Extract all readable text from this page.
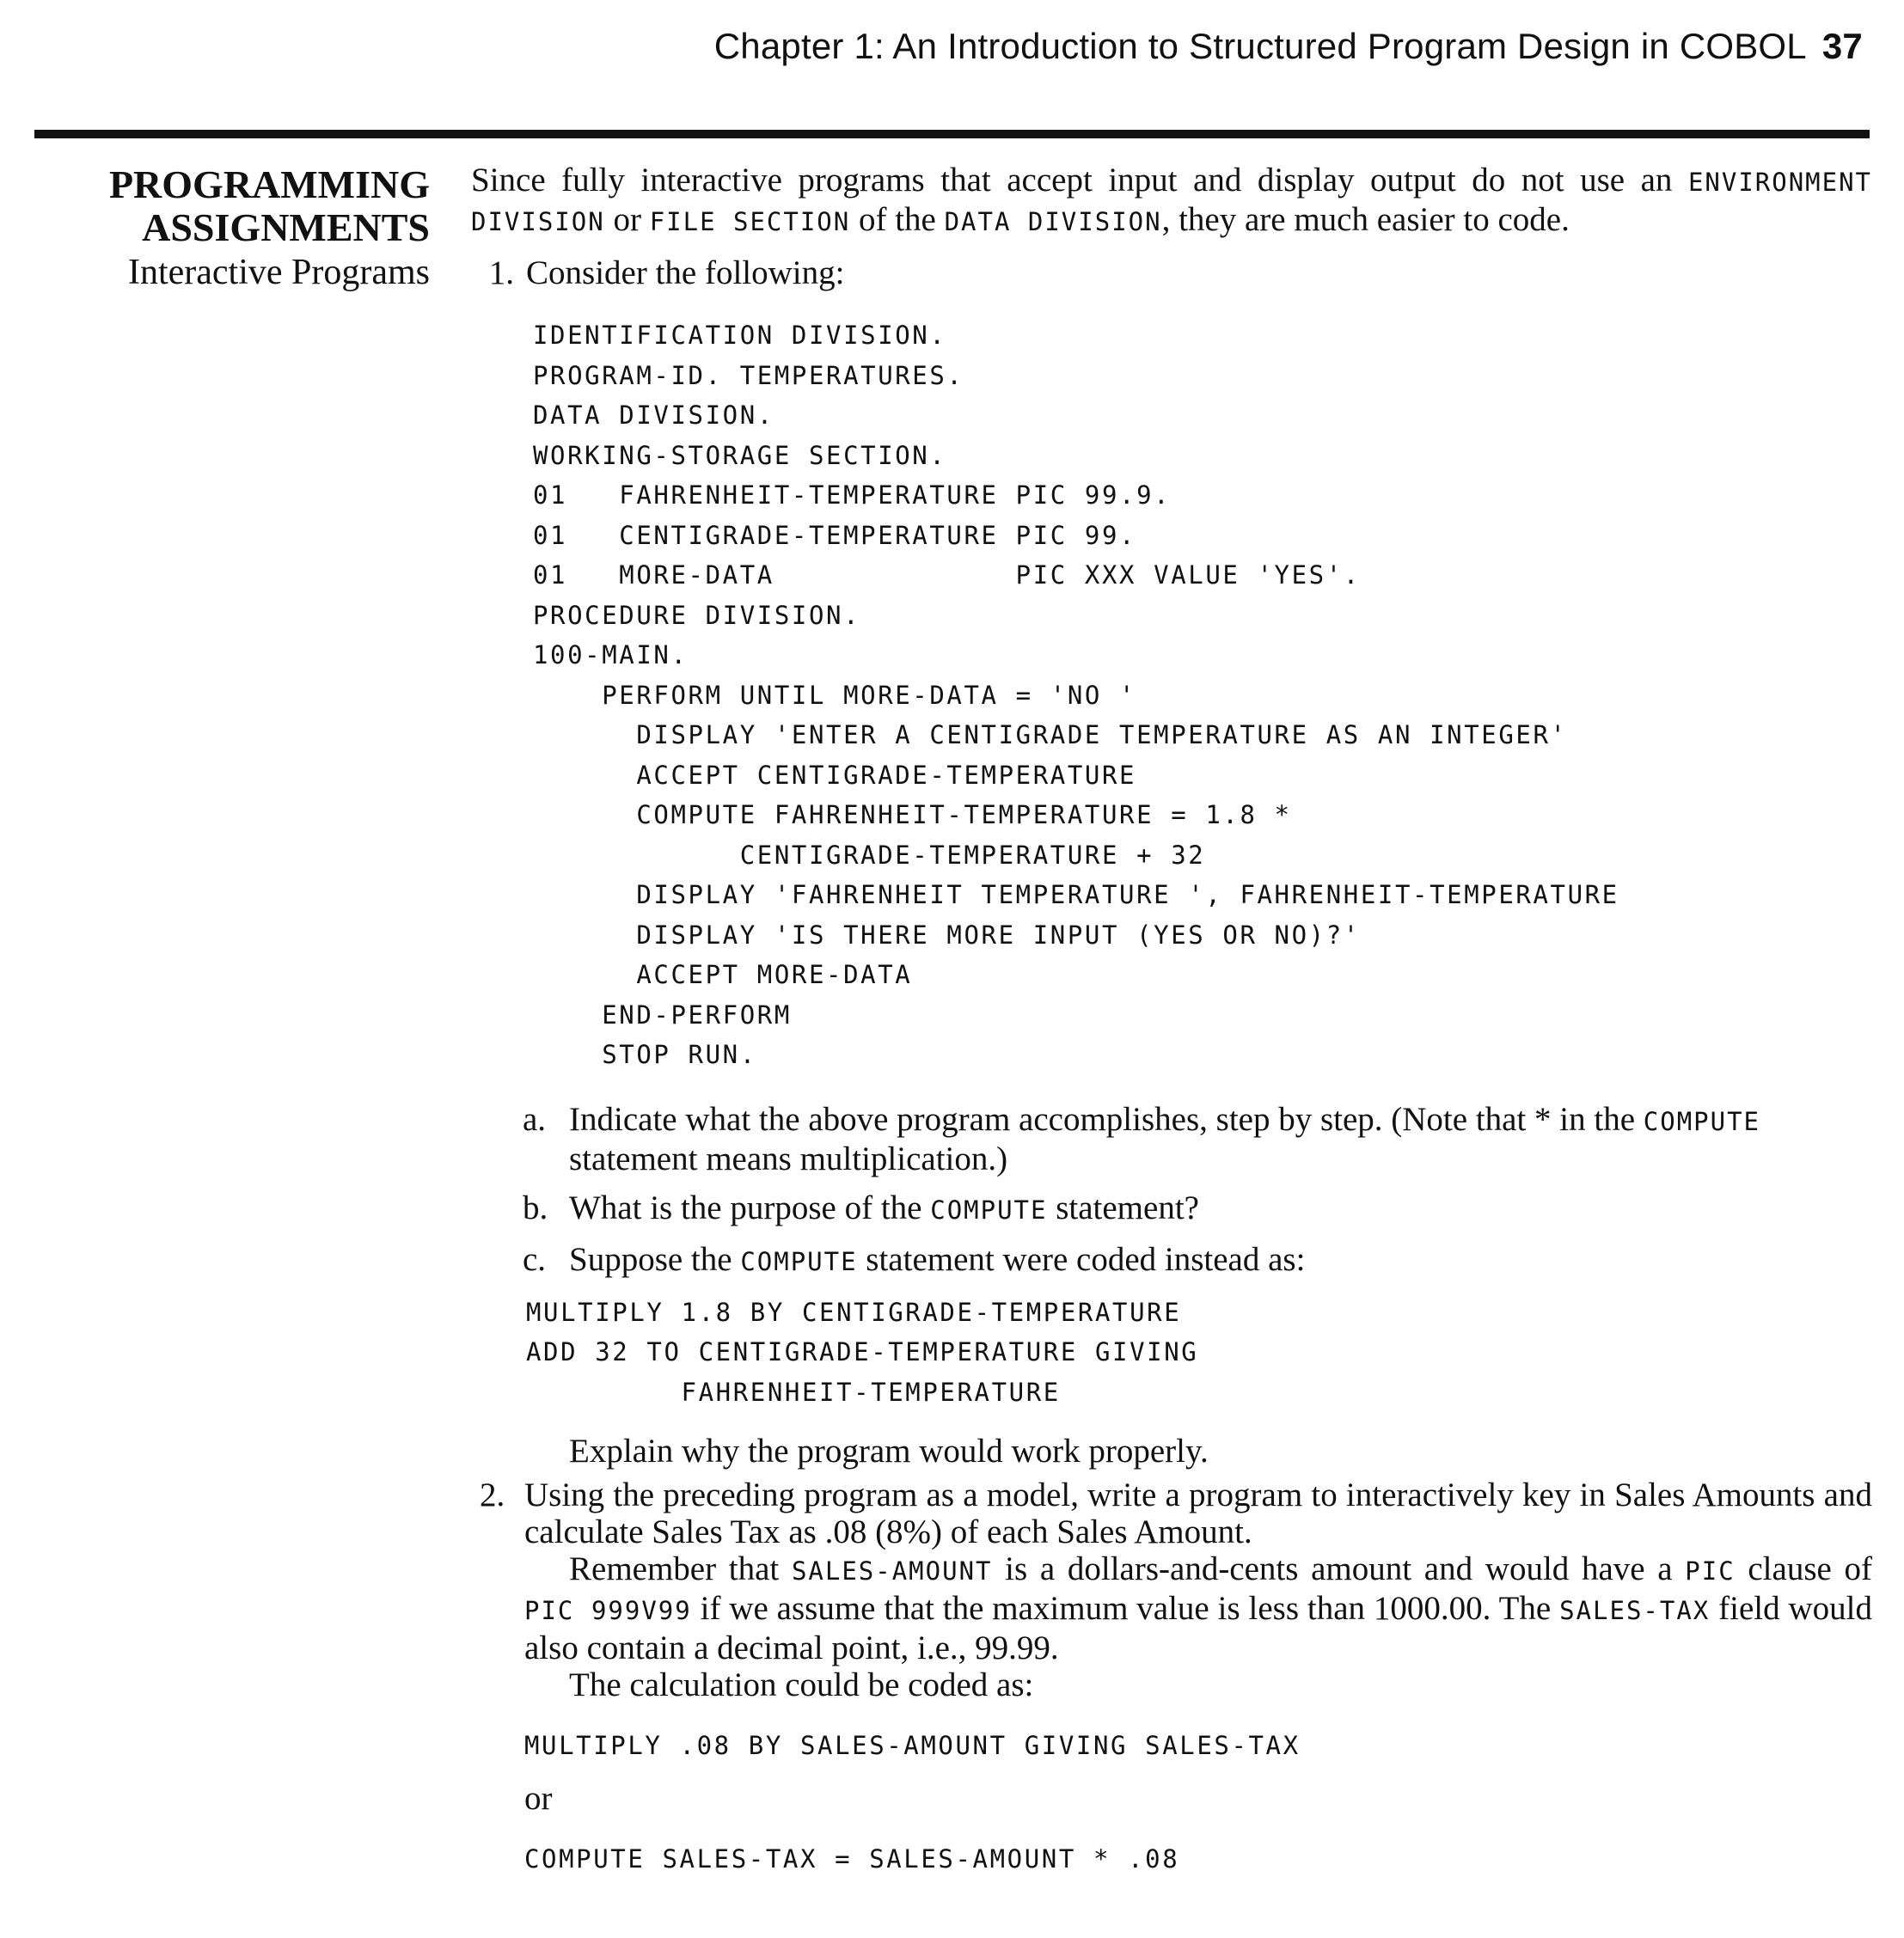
Chapter 1: An Introduction to Structured Program Design in COBOL 37
PROGRAMMING
ASSIGNMENTS
Interactive Programs

Since fully interactive programs that accept input and display output do not use an ENVIRONMENT DIVISION or FILE SECTION of the DATA DIVISION, they are much easier to code.

1. Consider the following:

IDENTIFICATION DIVISION.
PROGRAM-ID. TEMPERATURES.
DATA DIVISION.
WORKING-STORAGE SECTION.
01   FAHRENHEIT-TEMPERATURE PIC 99.9.
01   CENTIGRADE-TEMPERATURE PIC 99.
01   MORE-DATA              PIC XXX VALUE 'YES'.
PROCEDURE DIVISION.
100-MAIN.
PERFORM UNTIL MORE-DATA = 'NO '
DISPLAY 'ENTER A CENTIGRADE TEMPERATURE AS AN INTEGER'
ACCEPT CENTIGRADE-TEMPERATURE
COMPUTE FAHRENHEIT-TEMPERATURE = 1.8 *
CENTIGRADE-TEMPERATURE + 32
DISPLAY 'FAHRENHEIT TEMPERATURE ', FAHRENHEIT-TEMPERATURE
DISPLAY 'IS THERE MORE INPUT (YES OR NO)?'
ACCEPT MORE-DATA
END-PERFORM
STOP RUN.
a. Indicate what the above program accomplishes, step by step. (Note that * in the COMPUTE statement means multiplication.)
b. What is the purpose of the COMPUTE statement?
c. Suppose the COMPUTE statement were coded instead as:
MULTIPLY 1.8 BY CENTIGRADE-TEMPERATURE
ADD 32 TO CENTIGRADE-TEMPERATURE GIVING
FAHRENHEIT-TEMPERATURE

Explain why the program would work properly.

2. Using the preceding program as a model, write a program to interactively key in Sales Amounts and calculate Sales Tax as .08 (8%) of each Sales Amount.

Remember that SALES-AMOUNT is a dollars-and-cents amount and would have a PIC clause of PIC 999V99 if we assume that the maximum value is less than 1000.00. The SALES-TAX field would also contain a decimal point, i.e., 99.99.

The calculation could be coded as:

MULTIPLY .08 BY SALES-AMOUNT GIVING SALES-TAX

or

COMPUTE SALES-TAX = SALES-AMOUNT * .08
